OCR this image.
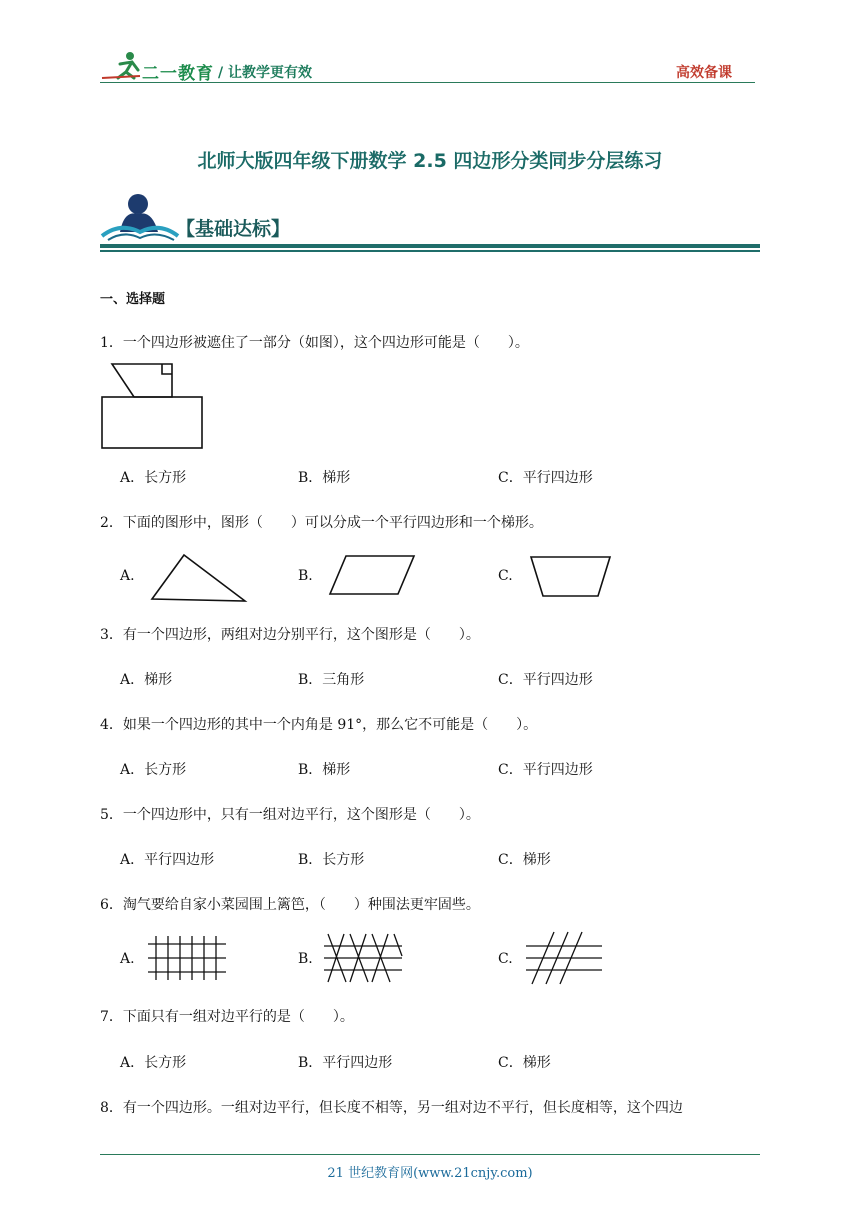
二一教育 / 让教学更有效	高效备课
北师大版四年级下册数学 2.5 四边形分类同步分层练习
【基础达标】
一、选择题
1．一个四边形被遮住了一部分（如图），这个四边形可能是（　　）。
A．长方形	B．梯形	C．平行四边形
2．下面的图形中，图形（　　）可以分成一个平行四边形和一个梯形。
A.	B.	C.
3．有一个四边形，两组对边分别平行，这个图形是（　　）。
A．梯形	B．三角形	C．平行四边形
4．如果一个四边形的其中一个内角是 91°，那么它不可能是（　　）。
A．长方形	B．梯形	C．平行四边形
5．一个四边形中，只有一组对边平行，这个图形是（　　）。
A．平行四边形	B．长方形	C．梯形
6．淘气要给自家小菜园围上篱笆，（　　）种围法更牢固些。
A.	B.	C.
7．下面只有一组对边平行的是（　　）。
A．长方形	B．平行四边形	C．梯形
8．有一个四边形。一组对边平行，但长度不相等，另一组对边不平行，但长度相等，这个四边
21 世纪教育网(www.21cnjy.com)
